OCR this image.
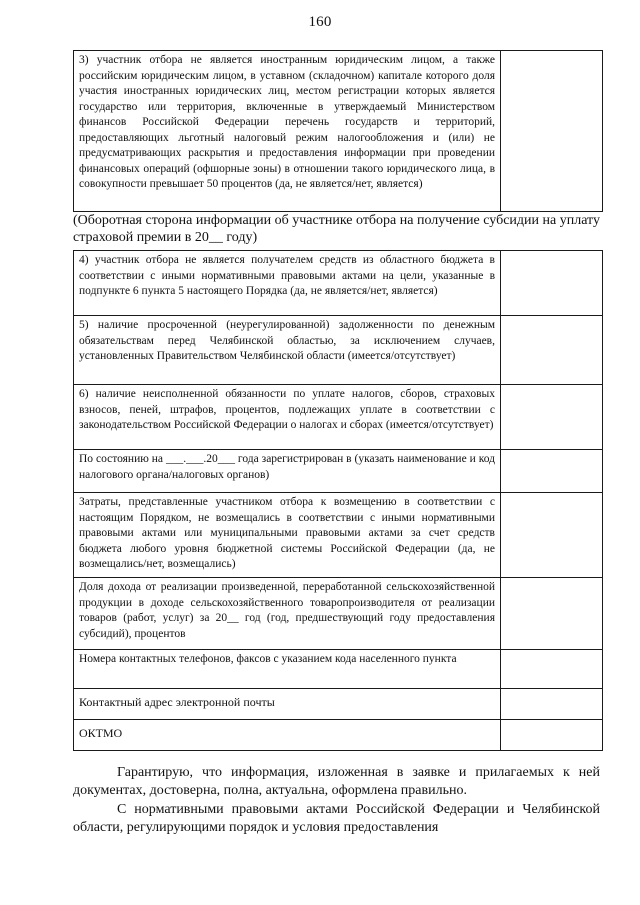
160
3) участник отбора не является иностранным юридическим лицом, а также российским юридическим лицом, в уставном (складочном) капитале которого доля участия иностранных юридических лиц, местом регистрации которых является государство или территория, включенные в утверждаемый Министерством финансов Российской Федерации перечень государств и территорий, предоставляющих льготный налоговый режим налогообложения и (или) не предусматривающих раскрытия и предоставления информации при проведении финансовых операций (офшорные зоны) в отношении такого юридического лица, в совокупности превышает 50 процентов (да, не является/нет, является)

(Оборотная сторона информации об участнике отбора на получение субсидии на уплату страховой премии в 20__ году)
4) участник отбора не является получателем средств из областного бюджета в соответствии с иными нормативными правовыми актами на цели, указанные в подпункте 6 пункта 5 настоящего Порядка (да, не является/нет, является)	

5) наличие просроченной (неурегулированной) задолженности по денежным обязательствам перед Челябинской областью, за исключением случаев, установленных Правительством Челябинской области (имеется/отсутствует)	

6) наличие неисполненной обязанности по уплате налогов, сборов, страховых взносов, пеней, штрафов, процентов, подлежащих уплате в соответствии с законодательством Российской Федерации о налогах и сборах (имеется/отсутствует)	

По состоянию на ___.___.20___ года зарегистрирован в (указать наименование и код налогового органа/налоговых органов)	

Затраты, представленные участником отбора к возмещению в соответствии с настоящим Порядком, не возмещались в соответствии с иными нормативными правовыми актами или муниципальными правовыми актами за счет средств бюджета любого уровня бюджетной системы Российской Федерации (да, не возмещались/нет, возмещались)	

Доля дохода от реализации произведенной, переработанной сельскохозяйственной продукции в доходе сельскохозяйственного товаропроизводителя от реализации товаров (работ, услуг) за 20__ год (год, предшествующий году предоставления субсидий), процентов	

Номера контактных телефонов, факсов с указанием кода населенного пункта	

Контактный адрес электронной почты	

ОКТМО	

Гарантирую, что информация, изложенная в заявке и прилагаемых к ней документах, достоверна, полна, актуальна, оформлена правильно.
С нормативными правовыми актами Российской Федерации и Челябинской области, регулирующими порядок и условия предоставления
